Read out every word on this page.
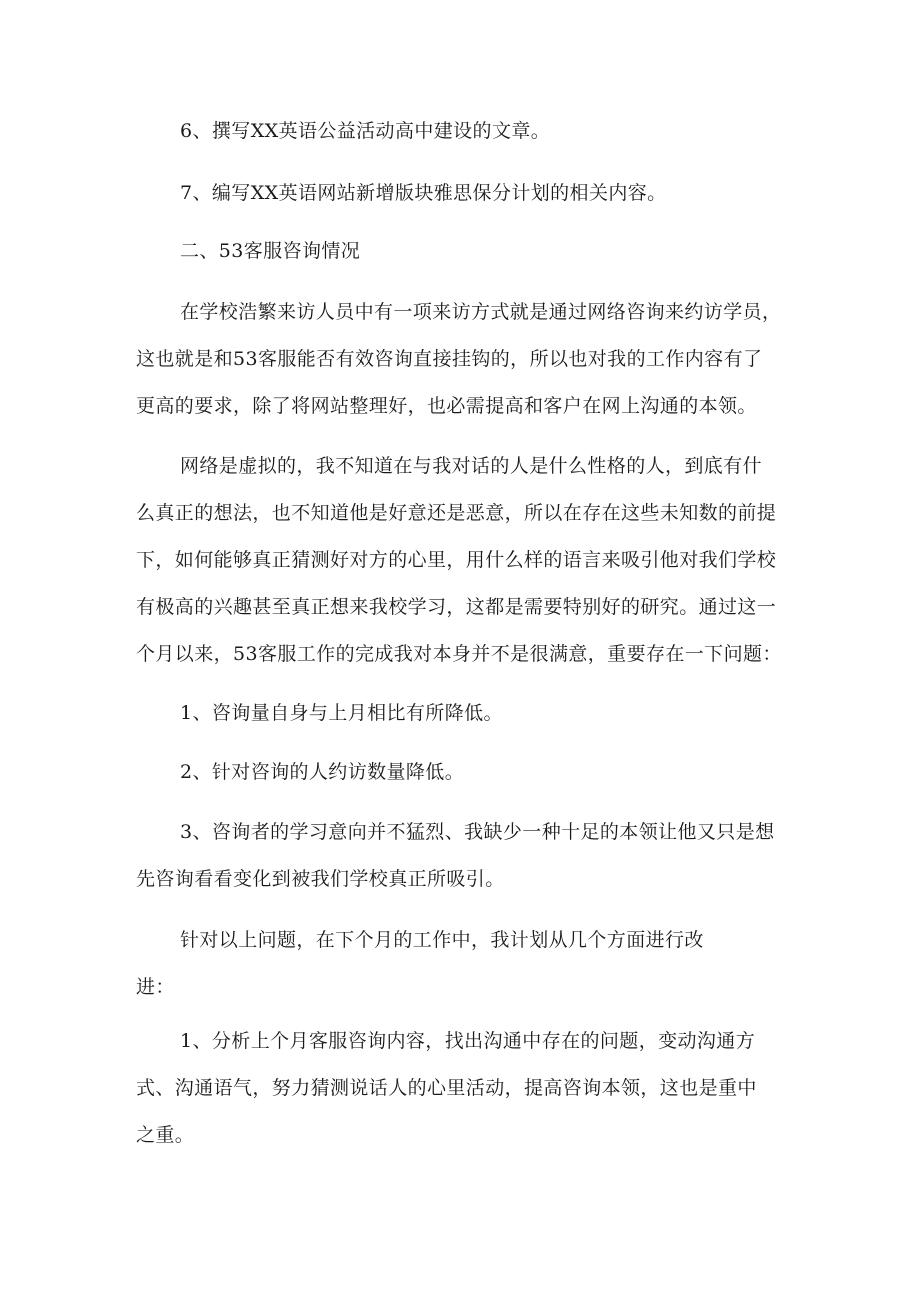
6、撰写XX英语公益活动高中建设的文章。

7、编写XX英语网站新增版块雅思保分计划的相关内容。

二、53客服咨询情况

在学校浩繁来访人员中有一项来访方式就是通过网络咨询来约访学员，
这也就是和53客服能否有效咨询直接挂钩的，所以也对我的工作内容有了
更高的要求，除了将网站整理好，也必需提高和客户在网上沟通的本领。

网络是虚拟的，我不知道在与我对话的人是什么性格的人，到底有什
么真正的想法，也不知道他是好意还是恶意，所以在存在这些未知数的前提
下，如何能够真正猜测好对方的心里，用什么样的语言来吸引他对我们学校
有极高的兴趣甚至真正想来我校学习，这都是需要特别好的研究。通过这一
个月以来，53客服工作的完成我对本身并不是很满意，重要存在一下问题：

1、咨询量自身与上月相比有所降低。

2、针对咨询的人约访数量降低。

3、咨询者的学习意向并不猛烈、我缺少一种十足的本领让他又只是想
先咨询看看变化到被我们学校真正所吸引。

针对以上问题，在下个月的工作中，我计划从几个方面进行改
进：

1、分析上个月客服咨询内容，找出沟通中存在的问题，变动沟通方
式、沟通语气，努力猜测说话人的心里活动，提高咨询本领，这也是重中
之重。
